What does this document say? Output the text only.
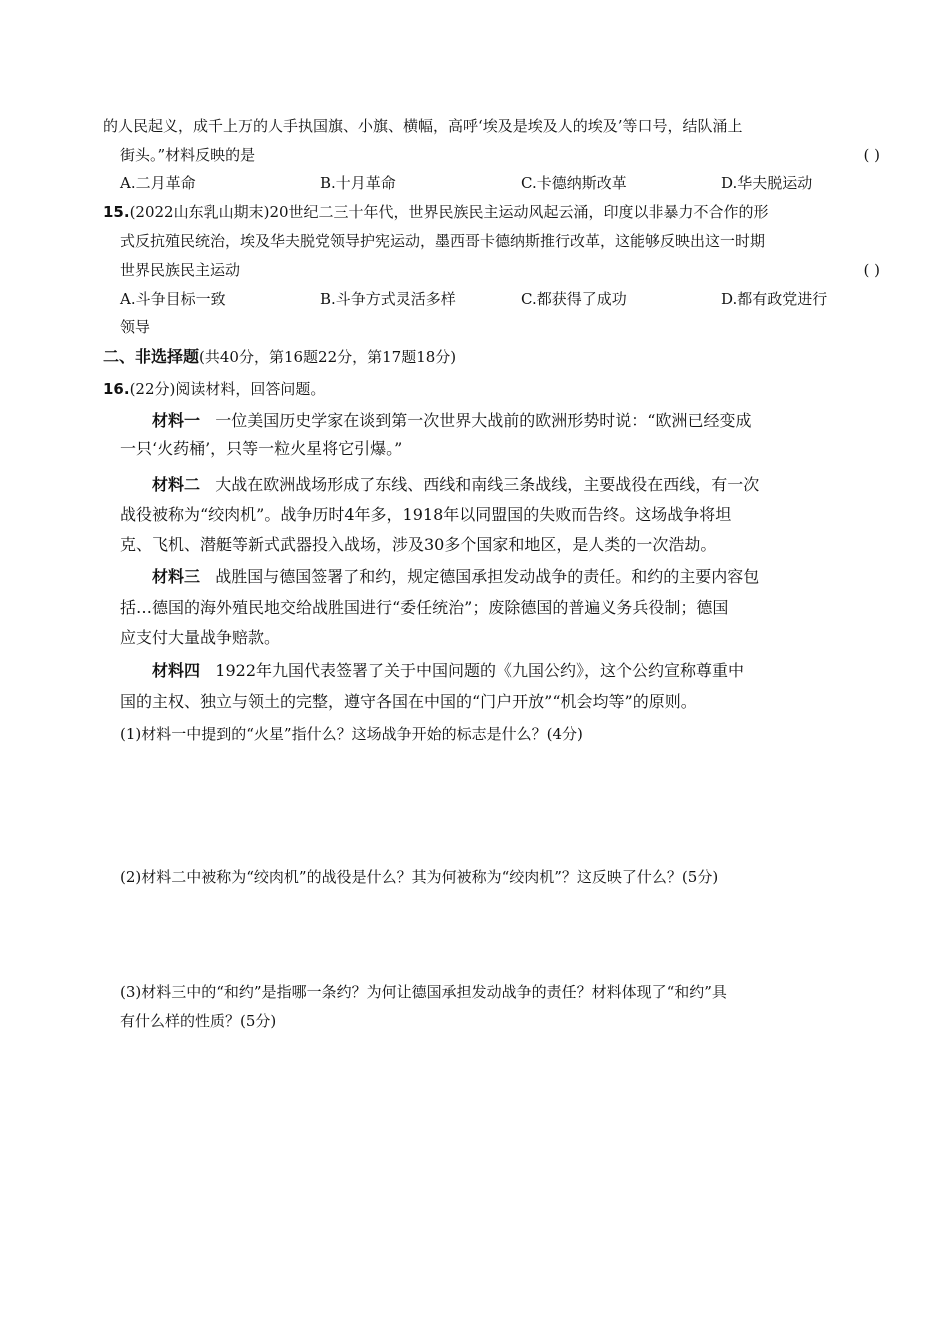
的人民起义，成千上万的人手执国旗、小旗、横幅，高呼‘埃及是埃及人的埃及’等口号，结队涌上
街头。”材料反映的是	( )
A.二月革命	B.十月革命	C.卡德纳斯改革	D.华夫脱运动
15.(2022山东乳山期末)20世纪二三十年代，世界民族民主运动风起云涌，印度以非暴力不合作的形
式反抗殖民统治，埃及华夫脱党领导护宪运动，墨西哥卡德纳斯推行改革，这能够反映出这一时期
世界民族民主运动	( )
A.斗争目标一致	B.斗争方式灵活多样	C.都获得了成功	D.都有政党进行
领导
二、非选择题(共40分，第16题22分，第17题18分)
16.(22分)阅读材料，回答问题。
材料一 一位美国历史学家在谈到第一次世界大战前的欧洲形势时说：“欧洲已经变成
一只‘火药桶’，只等一粒火星将它引爆。”
材料二 大战在欧洲战场形成了东线、西线和南线三条战线，主要战役在西线，有一次
战役被称为“绞肉机”。战争历时4年多，1918年以同盟国的失败而告终。这场战争将坦
克、飞机、潜艇等新式武器投入战场，涉及30多个国家和地区，是人类的一次浩劫。
材料三 战胜国与德国签署了和约，规定德国承担发动战争的责任。和约的主要内容包
括…德国的海外殖民地交给战胜国进行“委任统治”；废除德国的普遍义务兵役制；德国
应支付大量战争赔款。
材料四 1922年九国代表签署了关于中国问题的《九国公约》，这个公约宣称尊重中
国的主权、独立与领土的完整，遵守各国在中国的“门户开放”“机会均等”的原则。
(1)材料一中提到的“火星”指什么？这场战争开始的标志是什么？(4分)
(2)材料二中被称为“绞肉机”的战役是什么？其为何被称为“绞肉机”？这反映了什么？(5分)
(3)材料三中的“和约”是指哪一条约？为何让德国承担发动战争的责任？材料体现了“和约”具
有什么样的性质？(5分)
